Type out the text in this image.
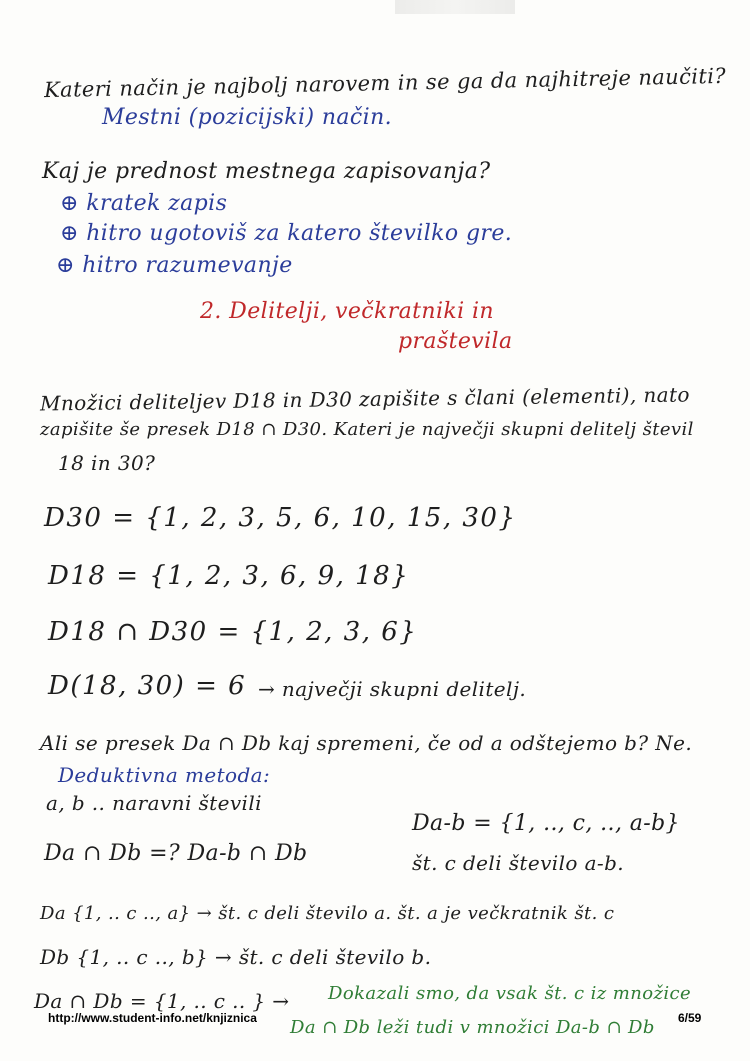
Kateri način je najbolj narovem in se ga da najhitreje naučiti?

Mestni (pozicijski) način.

Kaj je prednost mestnega zapisovanja?

⊕ kratek zapis

⊕ hitro ugotoviš za katero številko gre.

⊕ hitro razumevanje

2. Delitelji, večkratniki in

praštevila

Množici deliteljev D18 in D30 zapišite s člani (elementi), nato

zapišite še presek D18 ∩ D30. Kateri je največji skupni delitelj števil

18 in 30?

D30 = {1, 2, 3, 5, 6, 10, 15, 30}

D18 = {1, 2, 3, 6, 9, 18}

D18 ∩ D30 = {1, 2, 3, 6}

D(18, 30) = 6 → največji skupni delitelj.

Ali se presek Da ∩ Db kaj spremeni, če od a odštejemo b? Ne.

Deduktivna metoda:

a, b .. naravni števili

Da-b = {1, .., c, .., a-b}

Da ∩ Db =? Da-b ∩ Db	št. c deli število a-b.

Da {1, .. c .., a} → št. c deli število a. št. a je večkratnik št. c

Db {1, .. c .., b} → št. c deli število b.

Da ∩ Db = {1, .. c .. } → Dokazali smo, da vsak št. c iz množice

Da ∩ Db leži tudi v množici Da-b ∩ Db

http://www.student-info.net/knjiznica	6/59
